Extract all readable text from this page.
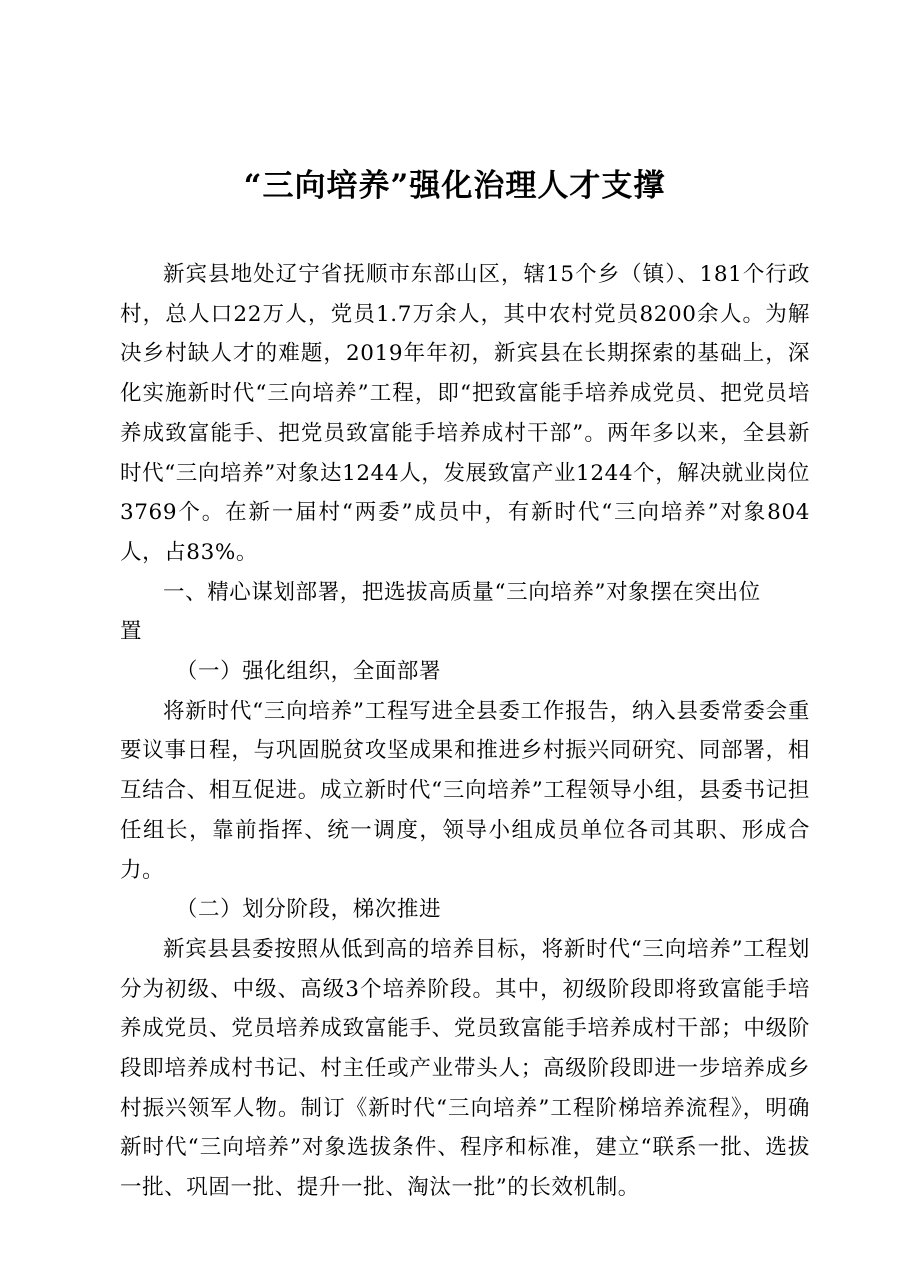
“三向培养”强化治理人才支撑

新宾县地处辽宁省抚顺市东部山区，辖15个乡（镇）、181个行政村，总人口22万人，党员1.7万余人，其中农村党员8200余人。为解决乡村缺人才的难题，2019年年初，新宾县在长期探索的基础上，深化实施新时代“三向培养”工程，即“把致富能手培养成党员、把党员培养成致富能手、把党员致富能手培养成村干部”。两年多以来，全县新时代“三向培养”对象达1244人，发展致富产业1244个，解决就业岗位3769个。在新一届村“两委”成员中，有新时代“三向培养”对象804人，占83%。

一、精心谋划部署，把选拔高质量“三向培养”对象摆在突出位置

（一）强化组织，全面部署

将新时代“三向培养”工程写进全县委工作报告，纳入县委常委会重要议事日程，与巩固脱贫攻坚成果和推进乡村振兴同研究、同部署，相互结合、相互促进。成立新时代“三向培养”工程领导小组，县委书记担任组长，靠前指挥、统一调度，领导小组成员单位各司其职、形成合力。

（二）划分阶段，梯次推进

新宾县县委按照从低到高的培养目标，将新时代“三向培养”工程划分为初级、中级、高级3个培养阶段。其中，初级阶段即将致富能手培养成党员、党员培养成致富能手、党员致富能手培养成村干部；中级阶段即培养成村书记、村主任或产业带头人；高级阶段即进一步培养成乡村振兴领军人物。制订《新时代“三向培养”工程阶梯培养流程》，明确新时代“三向培养”对象选拔条件、程序和标准，建立“联系一批、选拔一批、巩固一批、提升一批、淘汰一批”的长效机制。
